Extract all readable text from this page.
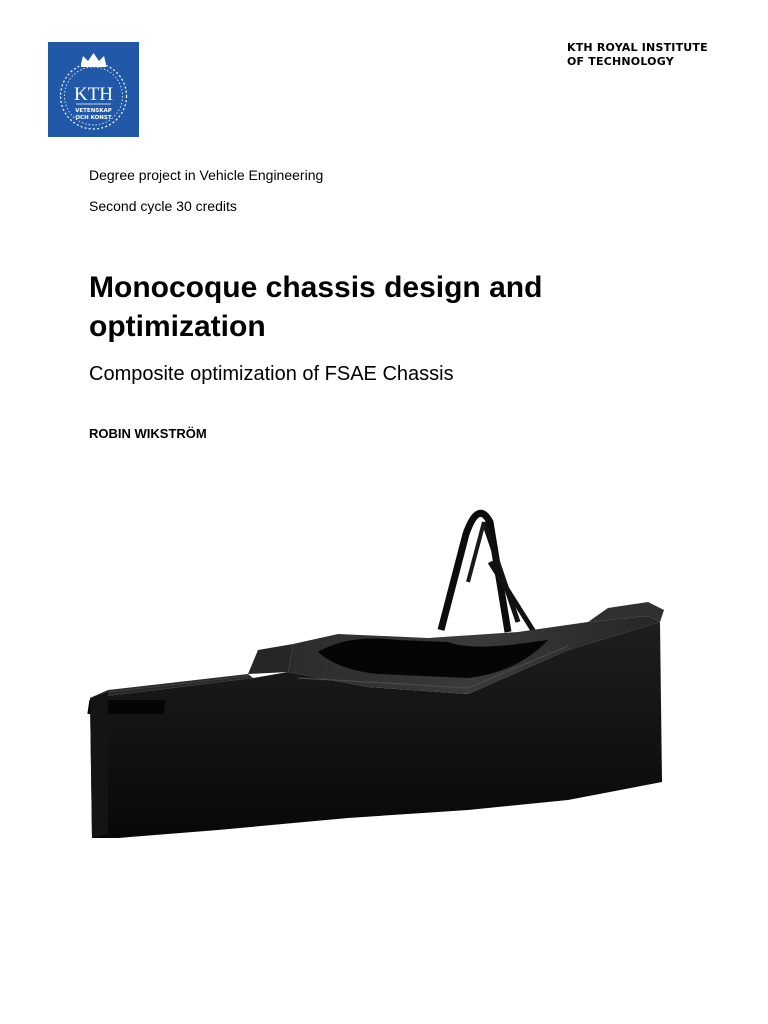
KTH
VETENSKAP
OCH KONST
KTH ROYAL INSTITUTE
OF TECHNOLOGY
Degree project in Vehicle Engineering
Second cycle 30 credits
Monocoque chassis design and optimization
Composite optimization of FSAE Chassis
ROBIN WIKSTRÖM
